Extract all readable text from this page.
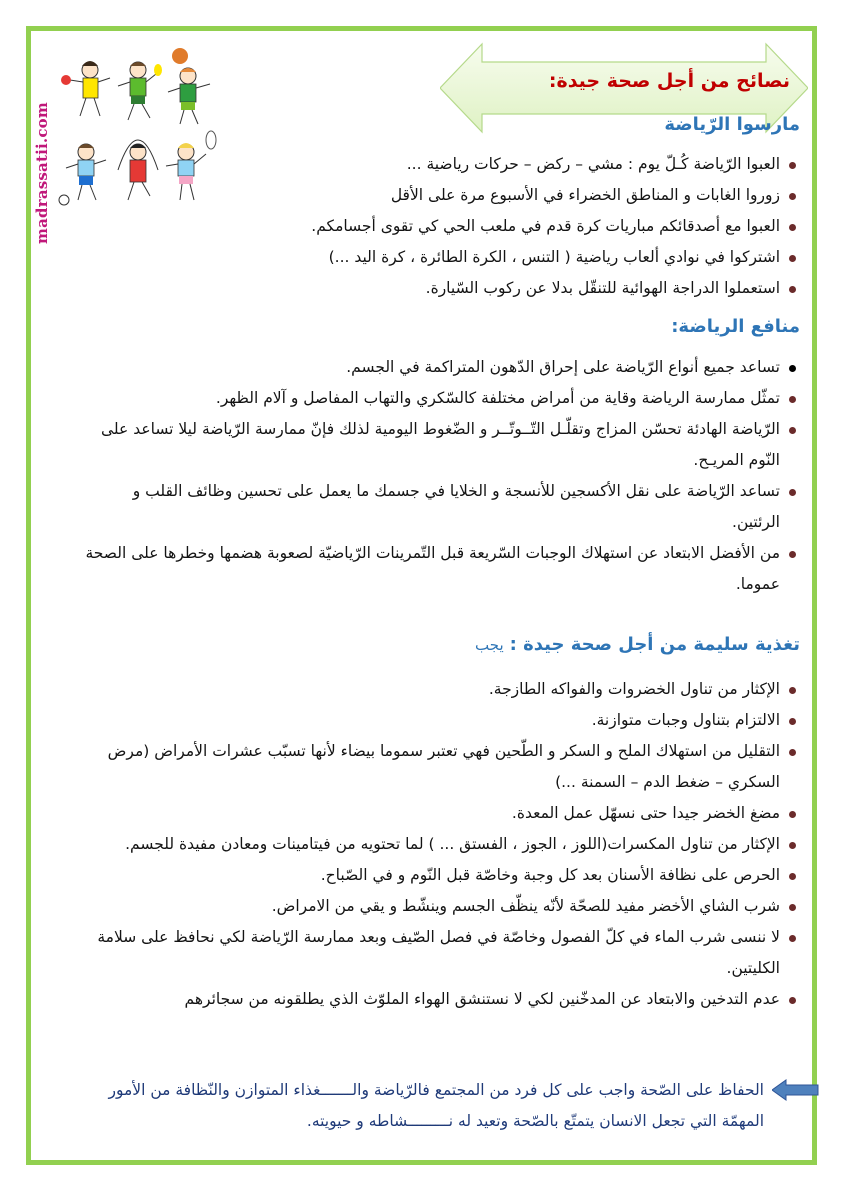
madrassatii.com
نصائح من أجل صحة جيدة:
مارسوا الرّياضة
العبوا الرّياضة كُـلّ يوم : مشي – ركض – حركات رياضية ...
زوروا الغابات و المناطق الخضراء في الأسبوع مرة على الأقل
العبوا مع أصدقائكم مباريات كرة قدم في ملعب الحي كي تقوى أجسامكم.
اشتركوا في نوادي ألعاب رياضية ( التنس ، الكرة الطائرة ، كرة اليد ...)
استعملوا الدراجة الهوائية للتنقّل بدلا عن ركوب السّيارة.
منافع الرياضة:
تساعد جميع أنواع الرّياضة على إحراق الدّهون المتراكمة في الجسم.
تمثّل ممارسة الرياضة وقاية من أمراض مختلفة كالسّكري والتهاب المفاصل و آلام الظهر.
الرّياضة الهادئة تحسّن المزاج وتقلّـل التّــوتّــر و الضّغوط اليومية لذلك فإنّ ممارسة الرّياضة ليلا تساعد على النّوم المريـح.
تساعد الرّياضة على نقل الأكسجين للأنسجة و الخلايا في جسمك ما يعمل على تحسين وظائف القلب و الرئتين.
من الأفضل الابتعاد عن استهلاك الوجبات السّريعة قبل التّمرينات الرّياضيّة لصعوبة هضمها وخطرها على الصحة عموما.
تغذية سليمة من أجل صحة جيدة :يجب
الإكثار من تناول الخضروات والفواكه الطازجة.
الالتزام بتناول وجبات متوازنة.
التقليل من استهلاك الملح و السكر و الطّحين فهي تعتبر سموما بيضاء لأنها تسبّب عشرات الأمراض (مرض السكري – ضغط الدم – السمنة ...)
مضغ الخضر جيدا حتى نسهّل عمل المعدة.
الإكثار من تناول المكسرات(اللوز ، الجوز ، الفستق ... ) لما تحتويه من فيتامينات ومعادن مفيدة للجسم.
الحرص على نظافة الأسنان بعد كل وجبة وخاصّة قبل النّوم و في الصّباح.
شرب الشاي الأخضر مفيد للصحّة لأنّه ينظّف الجسم وينشّط و يقي من الامراض.
لا ننسى شرب الماء في كلّ الفصول وخاصّة في فصل الصّيف وبعد ممارسة الرّياضة لكي نحافظ على سلامة الكليتين.
عدم التدخين والابتعاد عن المدخّنين لكي لا نستنشق الهواء الملوّث الذي يطلقونه من سجائرهم
الحفاظ على الصّحة واجب على كل فرد من المجتمع فالرّياضة والـــــــغذاء المتوازن والنّظافة من الأمور المهمّة التي تجعل الانسان يتمتّع بالصّحة وتعيد له نـــــــــشاطه و حيويته.
